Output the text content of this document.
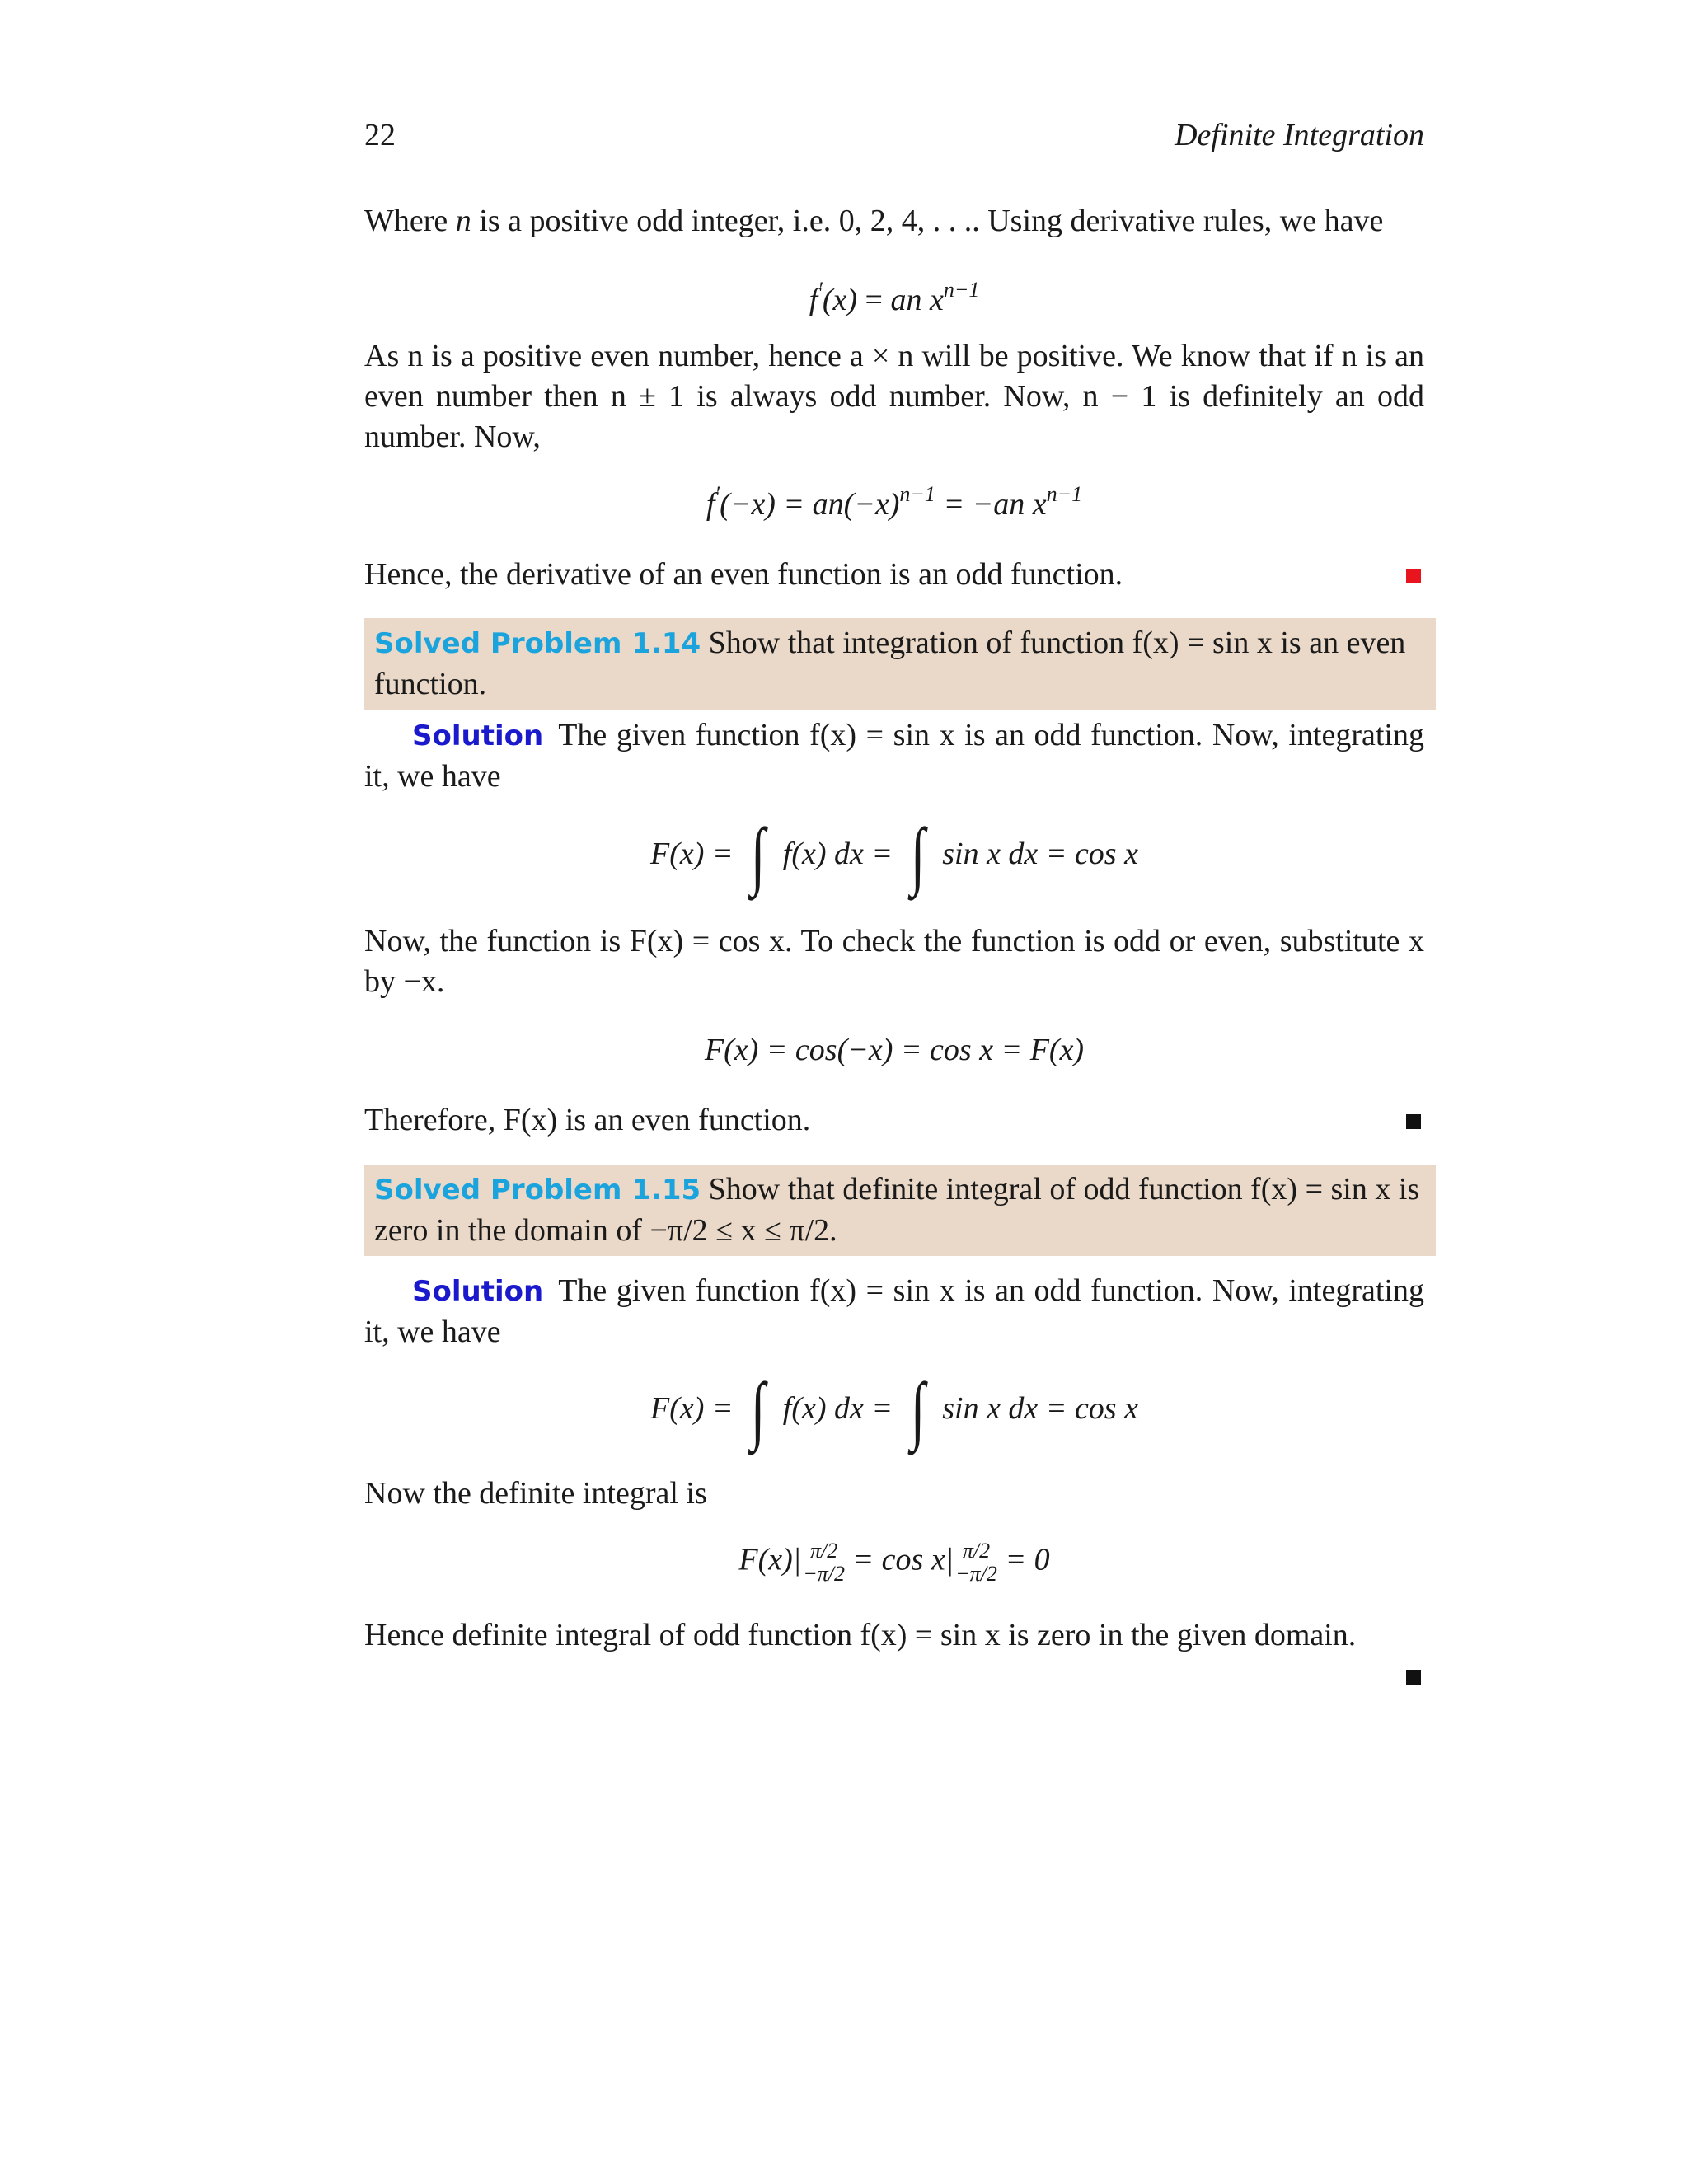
22	Definite Integration

Where n is a positive odd integer, i.e. 0, 2, 4, . . .. Using derivative rules, we have

f′(x) = an $x^{n-1}$

As n is a positive even number, hence a × n will be positive. We know that if n is an even number then n ± 1 is always odd number. Now, n − 1 is definitely an odd number. Now,

$f'(-x) = an(-x)^{n-1} = -an$ $x^{n-1}$

Hence, the derivative of an even function is an odd function.

Solved Problem 1.14 Show that integration of function f(x) = sin x is an even function.

Solution The given function f(x) = sin x is an odd function. Now, integrating it, we have

F(x) = ∫ f(x) dx = ∫ sin x dx = cos x

Now, the function is F(x) = cos x. To check the function is odd or even, substitute x by −x.

F(x) = cos(−x) = cos x = F(x)

Therefore, F(x) is an even function.

Solved Problem 1.15 Show that definite integral of odd function f(x) = sin x is zero in the domain of −π/2 ≤ x ≤ π/2.

Solution The given function f(x) = sin x is an odd function. Now, integrating it, we have

F(x) = ∫ f(x) dx = ∫ sin x dx = cos x

Now the definite integral is

F(x)| π/2
−π/2 = cos x| π/2
−π/2 = 0

Hence definite integral of odd function f(x) = sin x is zero in the given domain.
